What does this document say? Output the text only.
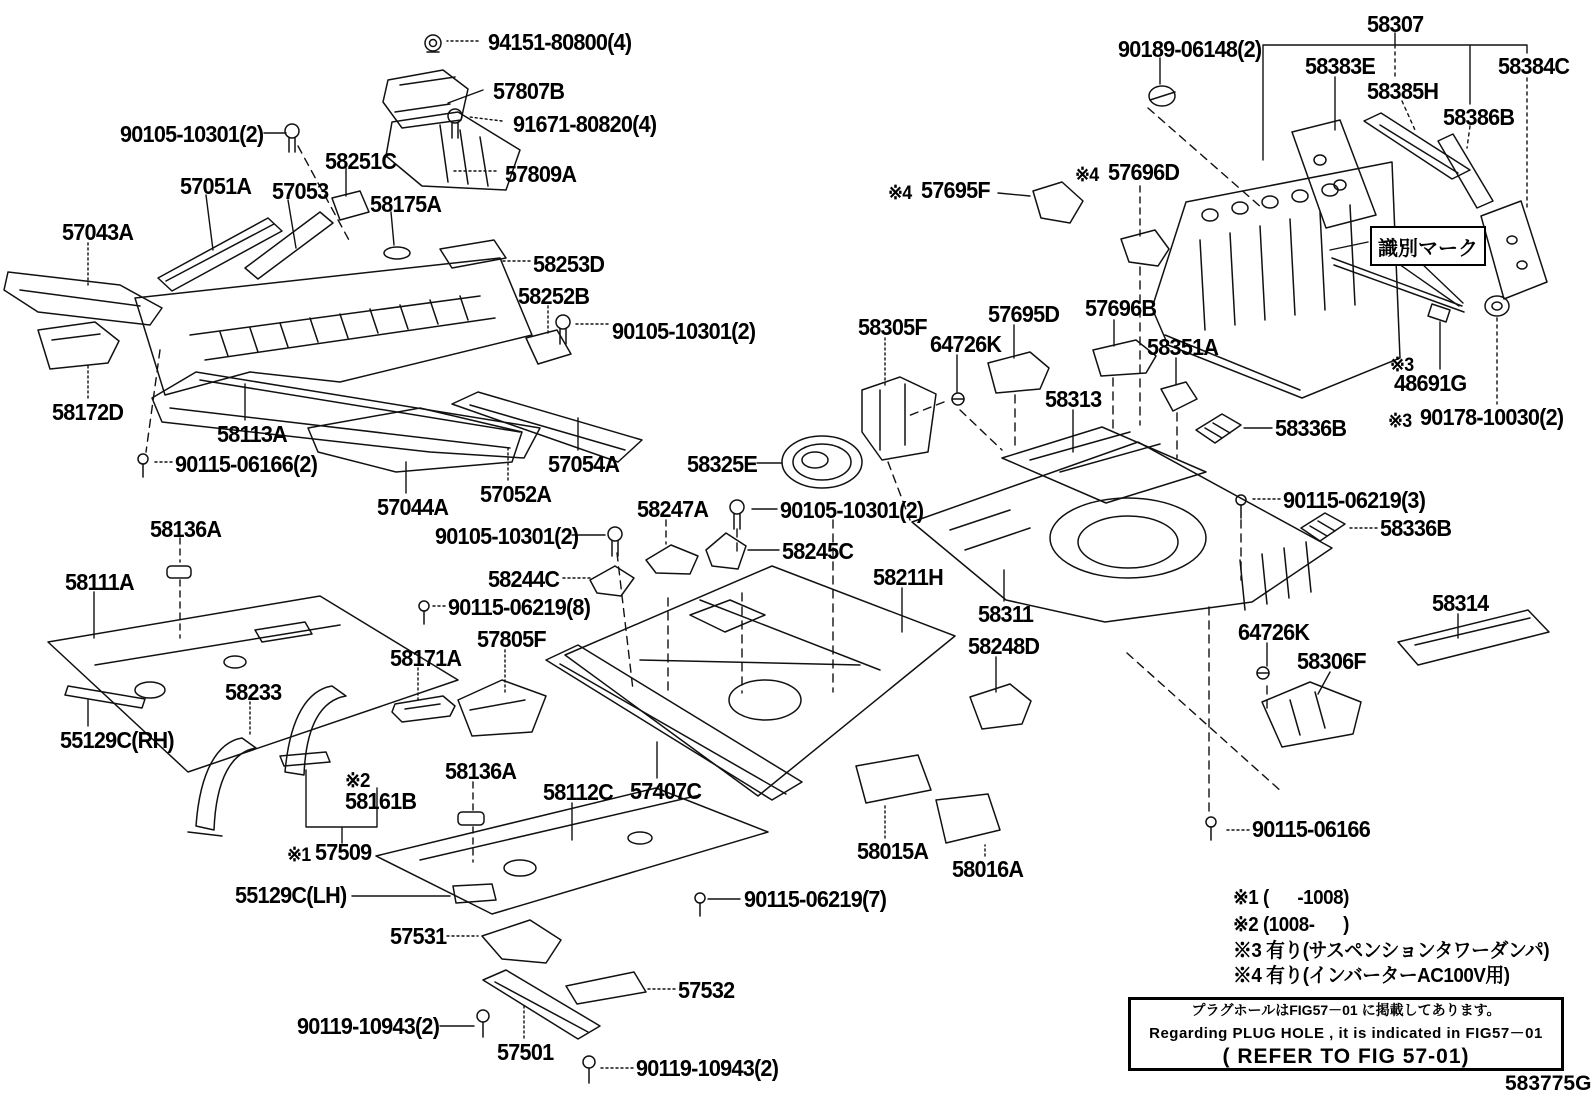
94151-80800(4)
57807B
91671-80820(4)
90105-10301(2)
58251C	57809A
57051A 57053 58175A
57043A
58253D
58252B
90105-10301(2)
58172D
58113A
90115-06166(2)	57054A
57052A
57044A
58136A
58111A
58247A	90105-10301(2)
90105-10301(2)
58245C
58244C
90115-06219(8)
58211H
57805F
58171A
58233
55129C(RH)
※2
58161B
58136A
58112C 57407C
※1 57509
55129C(LH)
57531
57532
90119-10943(2)
57501
90119-10943(2)
90115-06219(7)
58015A
58016A
58325E
58305F
64726K
57695D
※4 57695F
※4 57696D
57696B
58351A
58313
90189-06148(2)
58307
58383E
58385H
58384C
58386B
※3
48691G
※3 90178-10030(2)
58336B
90115-06219(3)
58336B
58314
58311
64726K
58306F
58248D
90115-06166
※1 (      -1008)
※2 (1008-      )
※3 有り(サスペンションタワーダンパ)
※4 有り(インバーターAC100V用)
識別マーク
プラグホールはFIG57－01 に掲載してあります。
Regarding PLUG HOLE , it is indicated in FIG57－01
( REFER TO FIG 57-01)
583775G
